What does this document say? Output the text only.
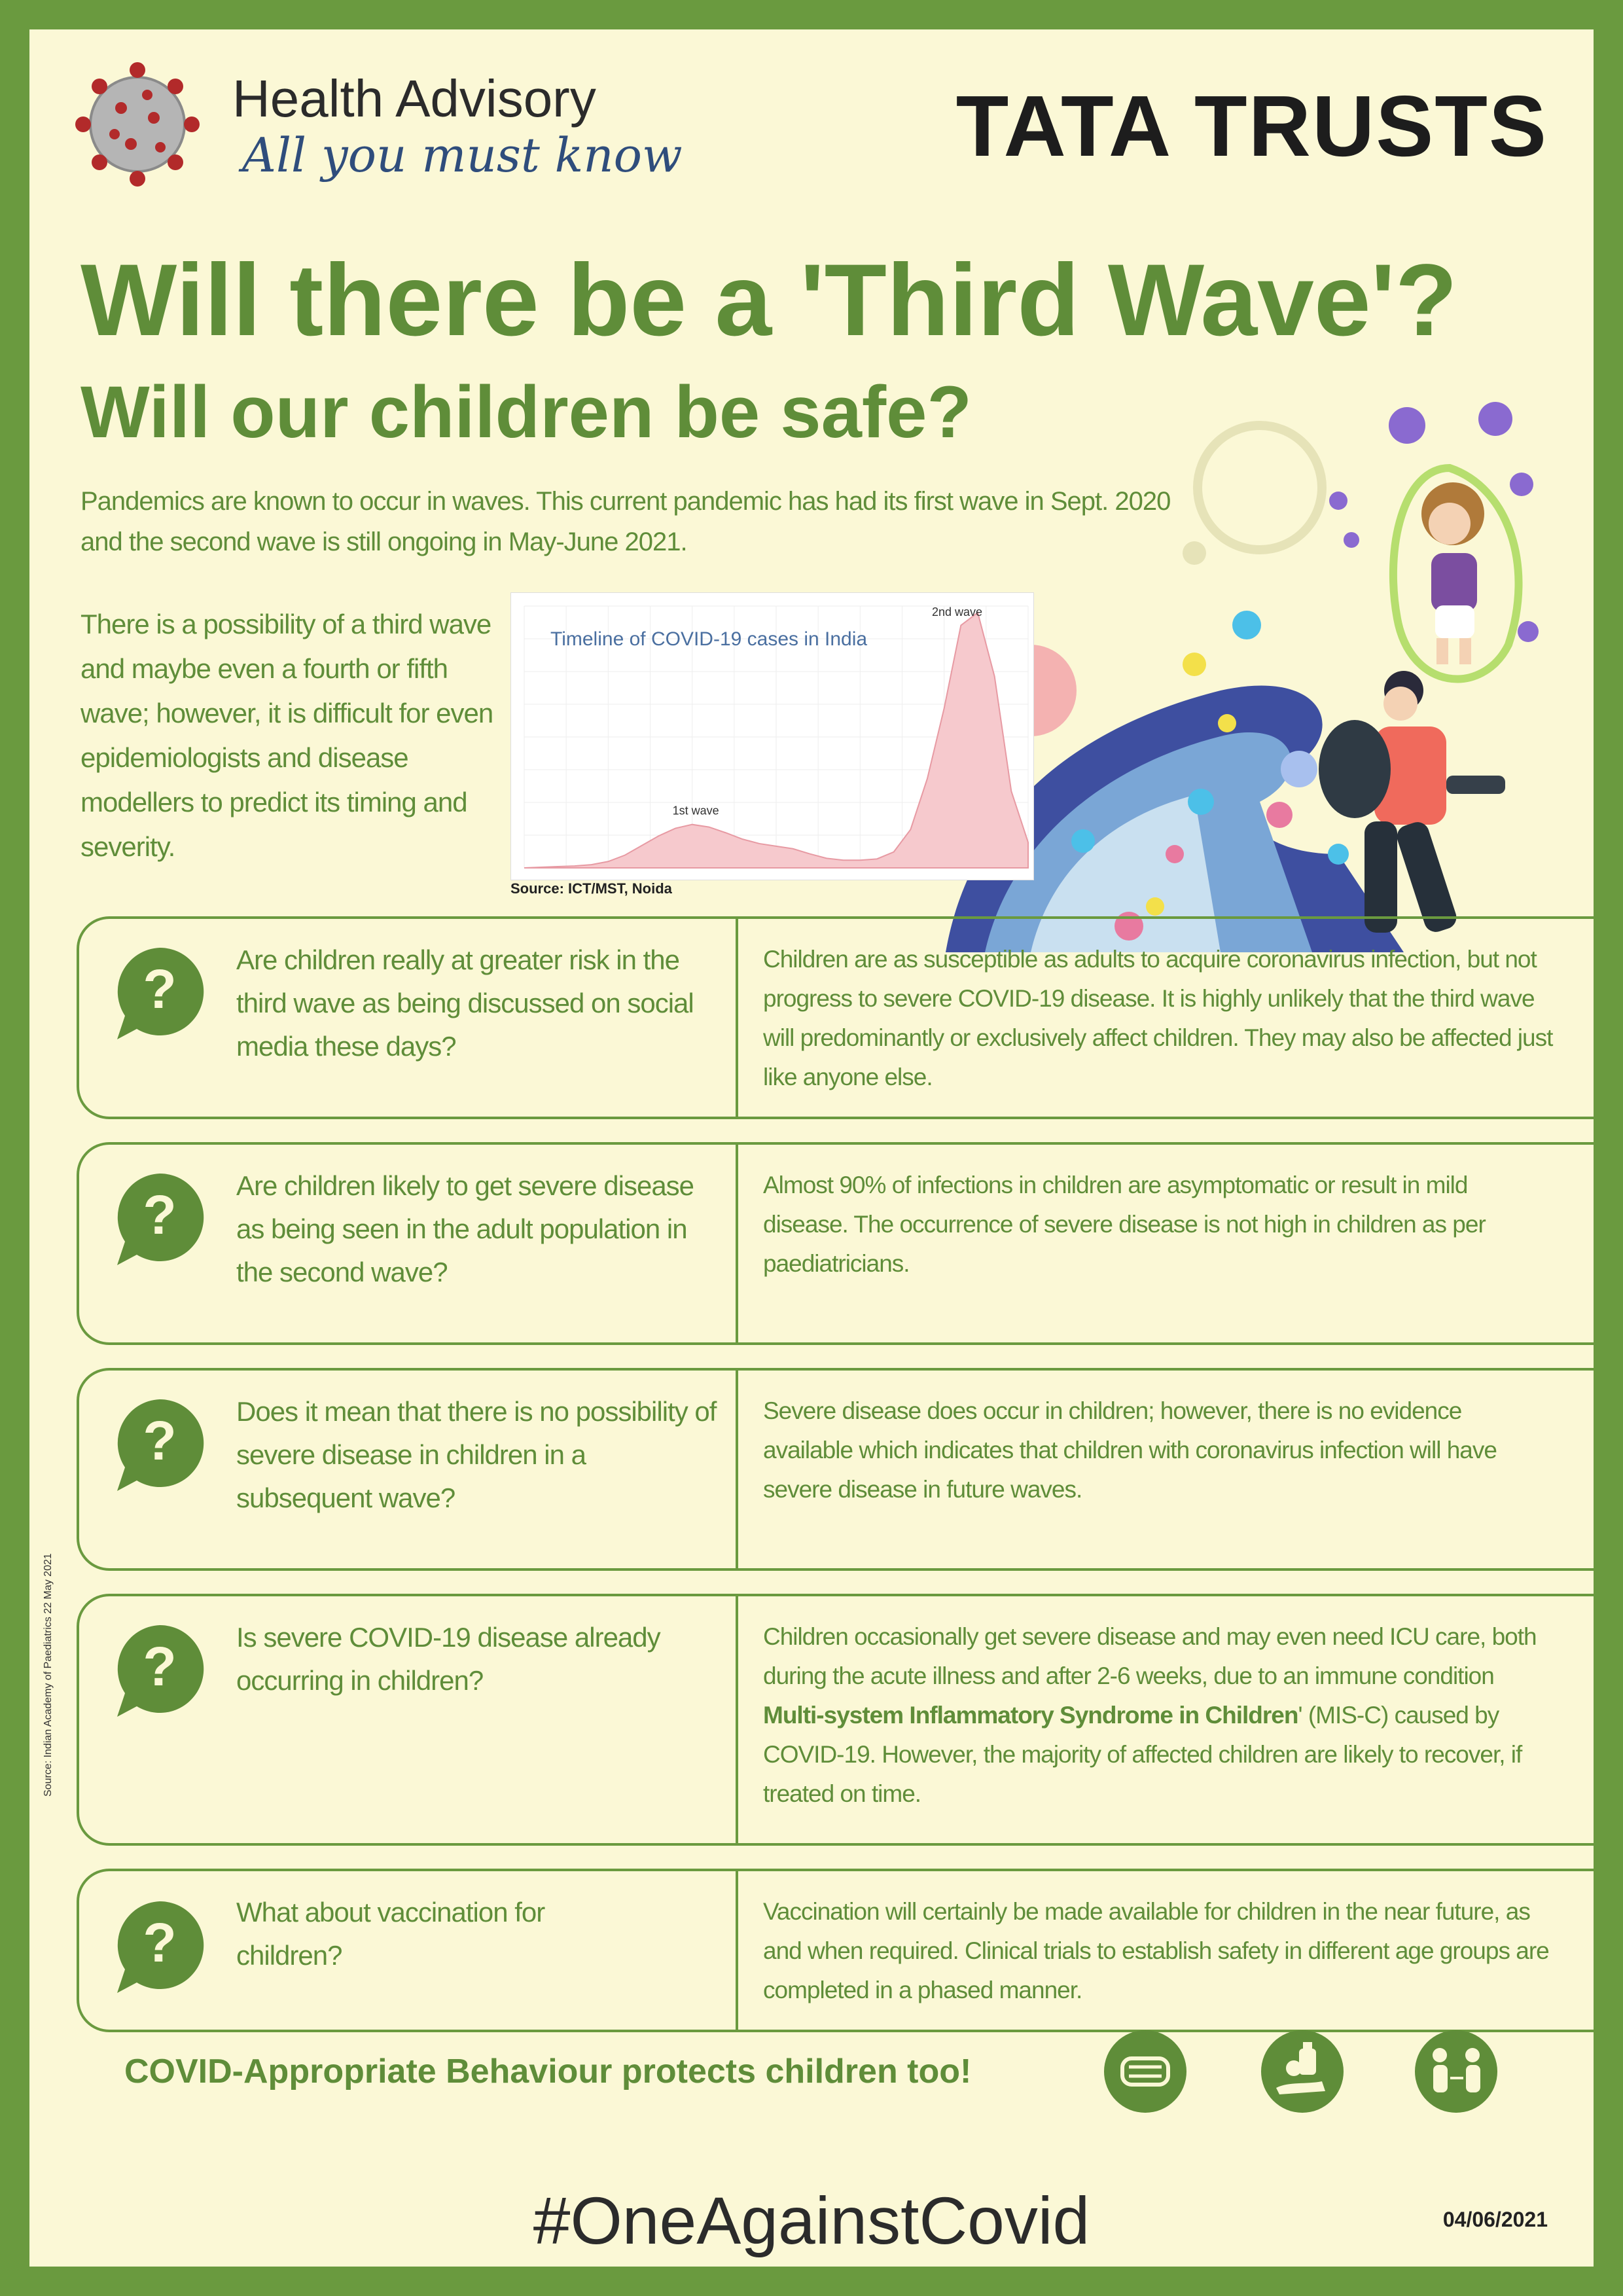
Health Advisory
All you must know	TATA TRUSTS
Will there be a 'Third Wave'?
Will our children be safe?
Pandemics are known to occur in waves. This current pandemic has had its first wave in Sept. 2020 and the second wave is still ongoing in May-June 2021.
There is a possibility of a third wave and maybe even a fourth or fifth wave; however, it is difficult for even epidemiologists and disease modellers to predict its timing and severity.
Timeline of COVID-19 cases in India
1st wave
2nd wave
Source: ICT/MST, Noida
? Are children really at greater risk in the third wave as being discussed on social media these days?
Children are as susceptible as adults to acquire coronavirus infection, but not progress to severe COVID-19 disease. It is highly unlikely that the third wave will predominantly or exclusively affect children. They may also be affected just like anyone else.
? Are children likely to get severe disease as being seen in the adult population in the second wave?
Almost 90% of infections in children are asymptomatic or result in mild disease. The occurrence of severe disease is not high in children as per paediatricians.
? Does it mean that there is no possibility of severe disease in children in a subsequent wave?
Severe disease does occur in children; however, there is no evidence available which indicates that children with coronavirus infection will have severe disease in future waves.
? Is severe COVID-19 disease already occurring in children?
Children occasionally get severe disease and may even need ICU care, both during the acute illness and after 2-6 weeks, due to an immune condition Multi-system Inflammatory Syndrome in Children' (MIS-C) caused by COVID-19. However, the majority of affected children are likely to recover, if treated on time.
? What about vaccination for children?
Vaccination will certainly be made available for children in the near future, as and when required. Clinical trials to establish safety in different age groups are completed in a phased manner.
COVID-Appropriate Behaviour protects children too!
#OneAgainstCovid	04/06/2021
Source: Indian Academy of Paediatrics 22 May 2021
